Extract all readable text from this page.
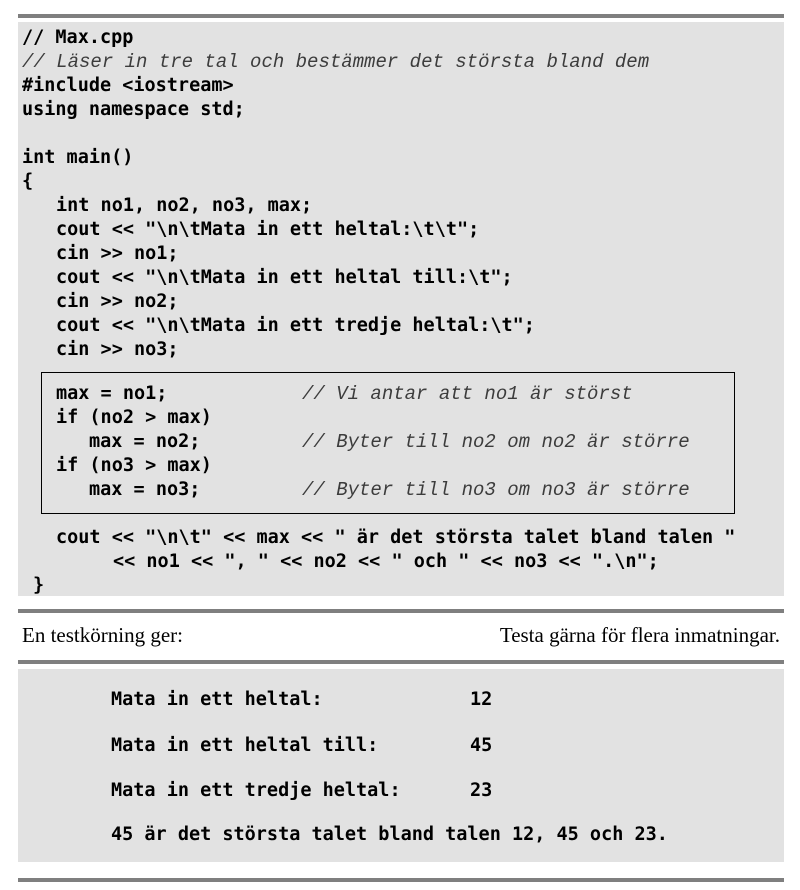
// Max.cpp
// Läser in tre tal och bestämmer det största bland dem
#include <iostream>
using namespace std;
int main()
{
int no1, no2, no3, max;
cout << "\n\tMata in ett heltal:\t\t";
cin >> no1;
cout << "\n\tMata in ett heltal till:\t";
cin >> no2;
cout << "\n\tMata in ett tredje heltal:\t";
cin >> no3;
max = no1;	// Vi antar att no1 är störst
if (no2 > max)
max = no2;	// Byter till no2 om no2 är större
if (no3 > max)
max = no3;	// Byter till no3 om no3 är större
cout << "\n\t" << max << " är det största talet bland talen "
<< no1 << ", " << no2 << " och " << no3 << ".\n";
}
En testkörning ger:	Testa gärna för flera inmatningar.
Mata in ett heltal:	12
Mata in ett heltal till:	45
Mata in ett tredje heltal:	23
45 är det största talet bland talen 12, 45 och 23.
